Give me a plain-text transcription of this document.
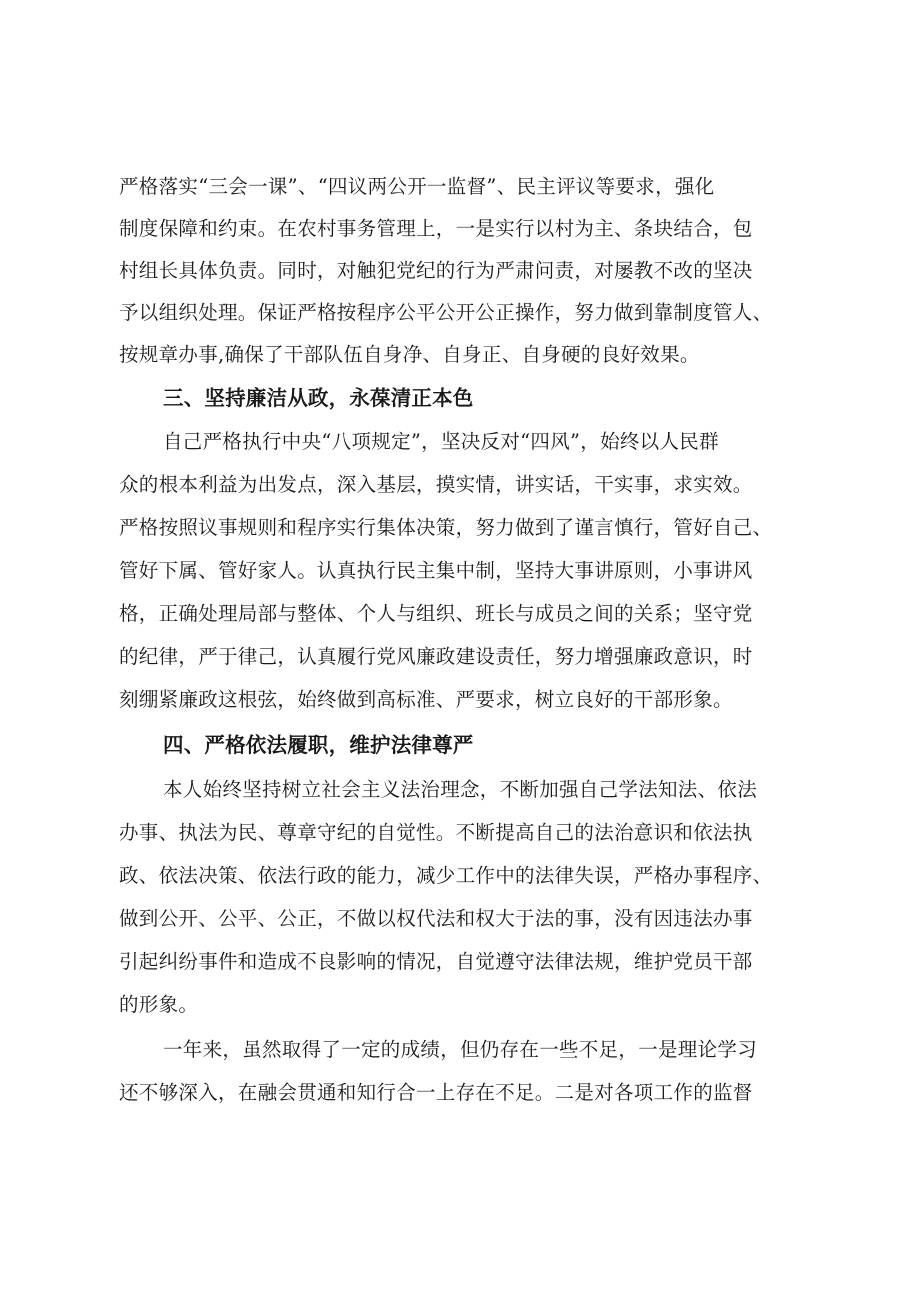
严格落实“三会一课”、“四议两公开一监督”、民主评议等要求，强化
制度保障和约束。在农村事务管理上，一是实行以村为主、条块结合，包
村组长具体负责。同时，对触犯党纪的行为严肃问责，对屡教不改的坚决
予以组织处理。保证严格按程序公平公开公正操作，努力做到靠制度管人、
按规章办事,确保了干部队伍自身净、自身正、自身硬的良好效果。
三、坚持廉洁从政，永葆清正本色
自己严格执行中央“八项规定”，坚决反对“四风”，始终以人民群
众的根本利益为出发点，深入基层，摸实情，讲实话，干实事，求实效。
严格按照议事规则和程序实行集体决策，努力做到了谨言慎行，管好自己、
管好下属、管好家人。认真执行民主集中制，坚持大事讲原则，小事讲风
格，正确处理局部与整体、个人与组织、班长与成员之间的关系；坚守党
的纪律，严于律己，认真履行党风廉政建设责任，努力增强廉政意识，时
刻绷紧廉政这根弦，始终做到高标准、严要求，树立良好的干部形象。
四、严格依法履职，维护法律尊严
本人始终坚持树立社会主义法治理念，不断加强自己学法知法、依法
办事、执法为民、尊章守纪的自觉性。不断提高自己的法治意识和依法执
政、依法决策、依法行政的能力，减少工作中的法律失误，严格办事程序、
做到公开、公平、公正，不做以权代法和权大于法的事，没有因违法办事
引起纠纷事件和造成不良影响的情况，自觉遵守法律法规，维护党员干部
的形象。
一年来，虽然取得了一定的成绩，但仍存在一些不足，一是理论学习
还不够深入，在融会贯通和知行合一上存在不足。二是对各项工作的监督
